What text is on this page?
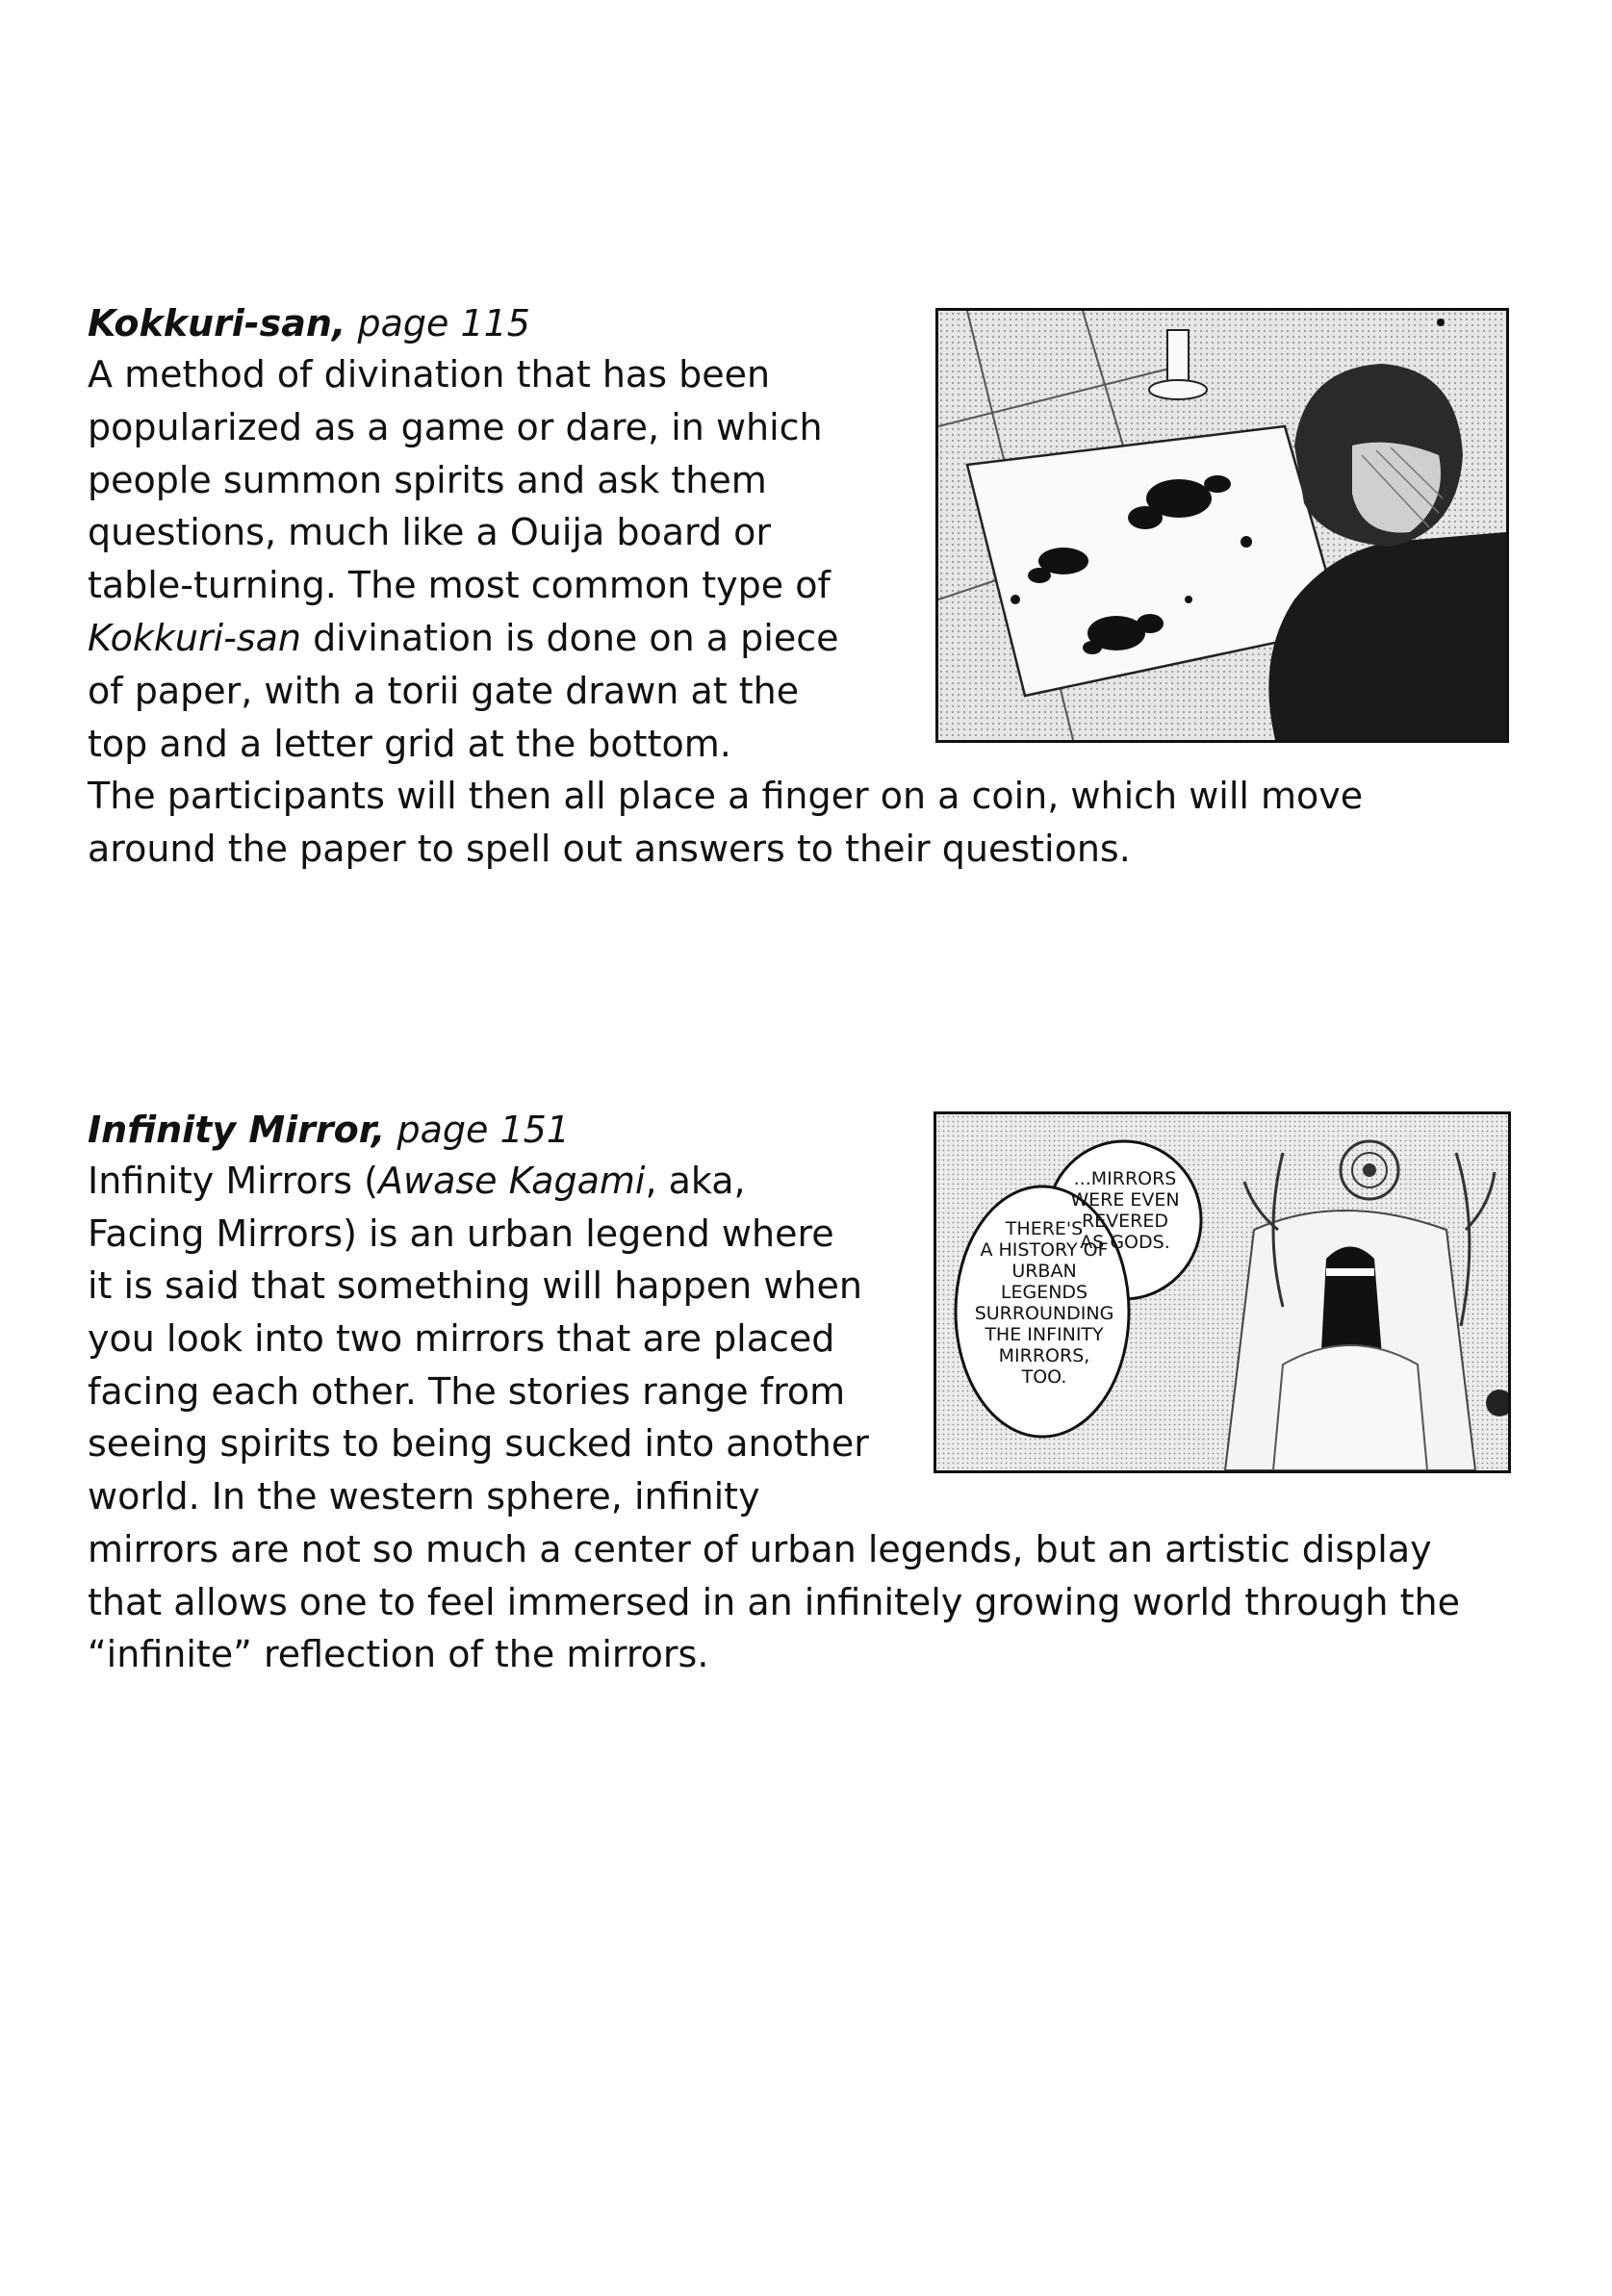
Kokkuri-san, page 115

A method of divination that has been
popularized as a game or dare, in which
people summon spirits and ask them
questions, much like a Ouija board or
table-turning. The most common type of
Kokkuri-san divination is done on a piece
of paper, with a torii gate drawn at the
top and a letter grid at the bottom.
The participants will then all place a finger on a coin, which will move
around the paper to spell out answers to their questions.

Infinity Mirror, page 151

Infinity Mirrors (Awase Kagami, aka,
Facing Mirrors) is an urban legend where
it is said that something will happen when
you look into two mirrors that are placed
facing each other. The stories range from
seeing spirits to being sucked into another
world. In the western sphere, infinity
mirrors are not so much a center of urban legends, but an artistic display
that allows one to feel immersed in an infinitely growing world through the
“infinite” reflection of the mirrors.
...MIRRORS
WERE EVEN
REVERED
AS GODS.
THERE'S
A HISTORY OF
URBAN LEGENDS
SURROUNDING
THE INFINITY
MIRRORS,
TOO.
